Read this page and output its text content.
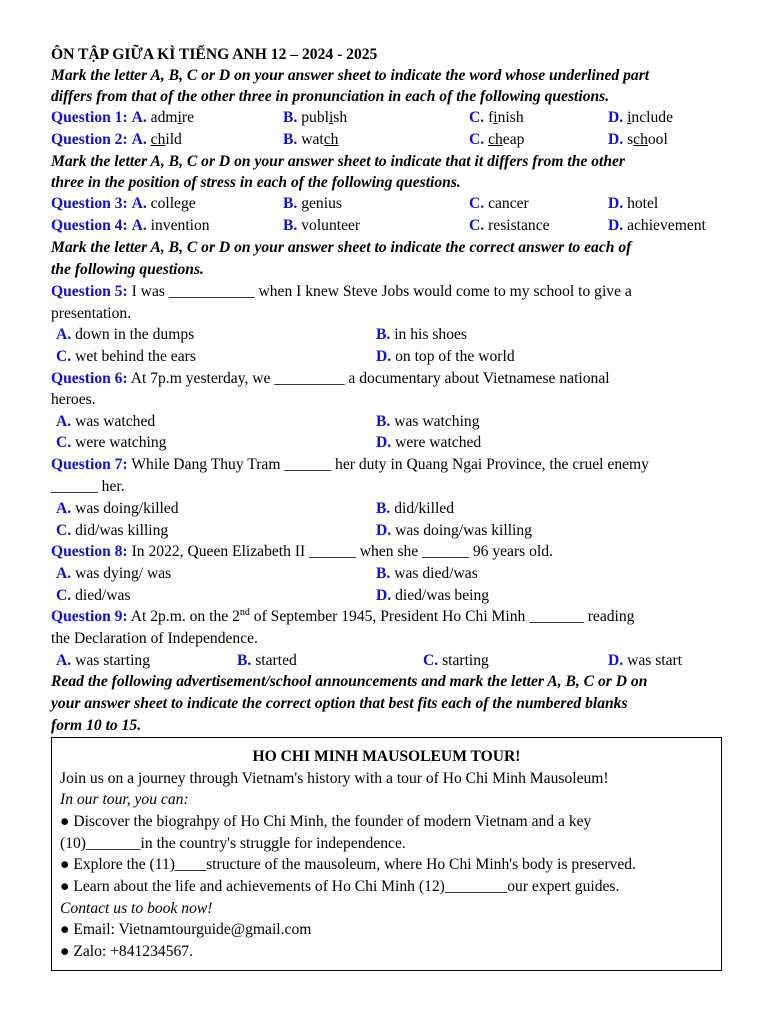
ÔN TẬP GIỮA KÌ TIẾNG ANH 12 – 2024 - 2025
Mark the letter A, B, C or D on your answer sheet to indicate the word whose underlined part
differs from that of the other three in pronunciation in each of the following questions.
Question 1: A. admire	B. publish	C. finish	D. include
Question 2: A. child	B. watch	C. cheap	D. school
Mark the letter A, B, C or D on your answer sheet to indicate that it differs from the other
three in the position of stress in each of the following questions.
Question 3: A. college	B. genius	C. cancer	D. hotel
Question 4: A. invention	B. volunteer	C. resistance	D. achievement
Mark the letter A, B, C or D on your answer sheet to indicate the correct answer to each of
the following questions.
Question 5: I was ___________ when I knew Steve Jobs would come to my school to give a
presentation.
A. down in the dumps	B. in his shoes
C. wet behind the ears	D. on top of the world
Question 6: At 7p.m yesterday, we _________ a documentary about Vietnamese national
heroes.
A. was watched	B. was watching
C. were watching	D. were watched
Question 7: While Dang Thuy Tram ______ her duty in Quang Ngai Province, the cruel enemy
______ her.
A. was doing/killed	B. did/killed
C. did/was killing	D. was doing/was killing
Question 8: In 2022, Queen Elizabeth II ______ when she ______ 96 years old.
A. was dying/ was	B. was died/was
C. died/was	D. died/was being
Question 9: At 2p.m. on the 2nd of September 1945, President Ho Chi Minh _______ reading
the Declaration of Independence.
A. was starting	B. started	C. starting	D. was start
Read the following advertisement/school announcements and mark the letter A, B, C or D on
your answer sheet to indicate the correct option that best fits each of the numbered blanks
form 10 to 15.
HO CHI MINH MAUSOLEUM TOUR!
Join us on a journey through Vietnam's history with a tour of Ho Chi Minh Mausoleum!
In our tour, you can:
● Discover the biograhpy of Ho Chi Minh, the founder of modern Vietnam and a key
(10)_______in the country's struggle for independence.
● Explore the (11)____structure of the mausoleum, where Ho Chi Minh's body is preserved.
● Learn about the life and achievements of Ho Chi Minh (12)________our expert guides.
Contact us to book now!
● Email: Vietnamtourguide@gmail.com
● Zalo: +841234567.
